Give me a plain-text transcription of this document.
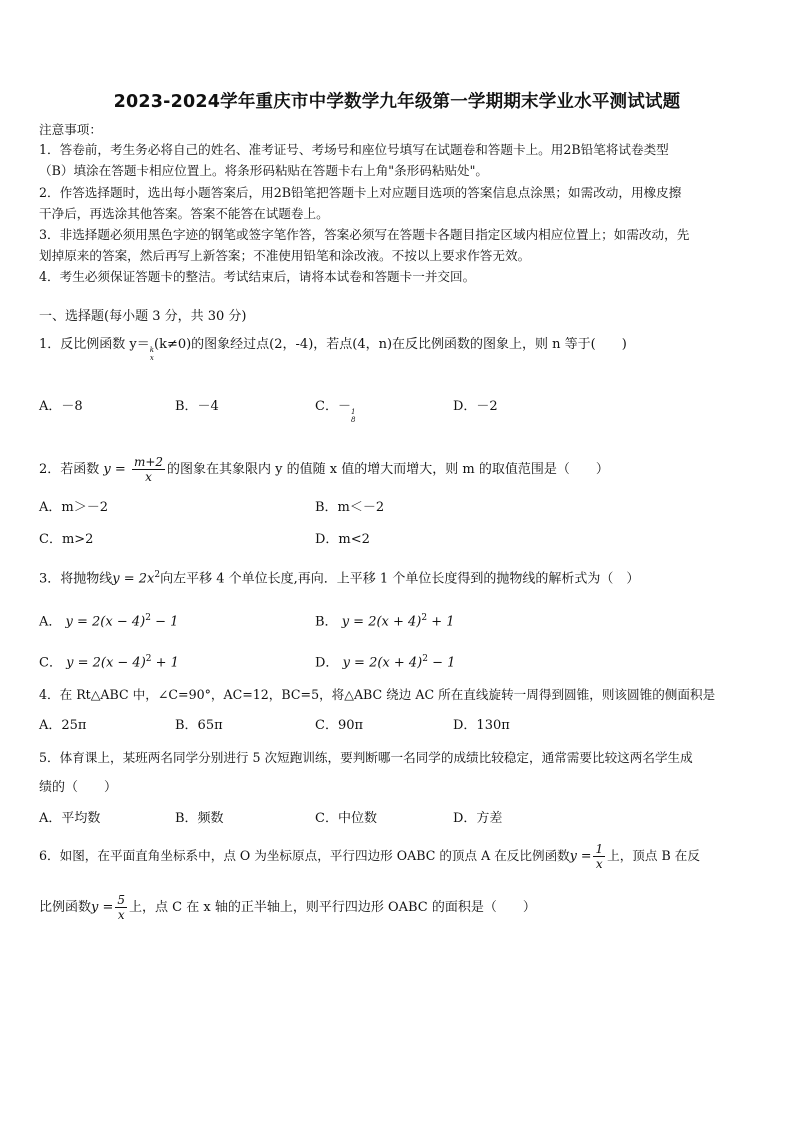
2023-2024学年重庆市中学数学九年级第一学期期末学业水平测试试题
注意事项：
1．答卷前，考生务必将自己的姓名、准考证号、考场号和座位号填写在试题卷和答题卡上。用2B铅笔将试卷类型
（B）填涂在答题卡相应位置上。将条形码粘贴在答题卡右上角"条形码粘贴处"。
2．作答选择题时，选出每小题答案后，用2B铅笔把答题卡上对应题目选项的答案信息点涂黑；如需改动，用橡皮擦
干净后，再选涂其他答案。答案不能答在试题卷上。
3．非选择题必须用黑色字迹的钢笔或签字笔作答，答案必须写在答题卡各题目指定区域内相应位置上；如需改动，先
划掉原来的答案，然后再写上新答案；不准使用铅笔和涂改液。不按以上要求作答无效。
4．考生必须保证答题卡的整洁。考试结束后，请将本试卷和答题卡一并交回。
一、选择题(每小题 3 分，共 30 分)
1．反比例函数 y＝ k
x
(k≠0)的图象经过点(2，-4)，若点(4，n)在反比例函数的图象上，则 n 等于(　　)
A．－8	B．－4	C．－ 1
8
D．－2
2．若函数 $y = \frac{m+2}{x}$ 的图象在其象限内 y 的值随 x 值的增大而增大，则 m 的取值范围是（　　）
A．m＞－2	B．m＜－2
C．m>2	D．m<2
3．将抛物线$y = 2x^2$向左平移 4 个单位长度,再向．上平移 1 个单位长度得到的抛物线的解析式为（　）
A． $y = 2(x - 4)^2 - 1$	B． $y = 2(x + 4)^2 + 1$
C． $y = 2(x - 4)^2 + 1$	D． $y = 2(x + 4)^2 - 1$
4．在 Rt△ABC 中，∠C=90°，AC=12，BC=5，将△ABC 绕边 AC 所在直线旋转一周得到圆锥，则该圆锥的侧面积是
A．25π	B．65π	C．90π	D．130π
5．体育课上，某班两名同学分别进行 5 次短跑训练，要判断哪一名同学的成绩比较稳定，通常需要比较这两名学生成
绩的（　　）
A．平均数	B．频数	C．中位数	D．方差
6．如图，在平面直角坐标系中，点 O 为坐标原点，平行四边形 OABC 的顶点 A 在反比例函数$y = \frac{1}{x}$ 上，顶点 B 在反
比例函数$y = \frac{5}{x}$ 上，点 C 在 x 轴的正半轴上，则平行四边形 OABC 的面积是（　　）
